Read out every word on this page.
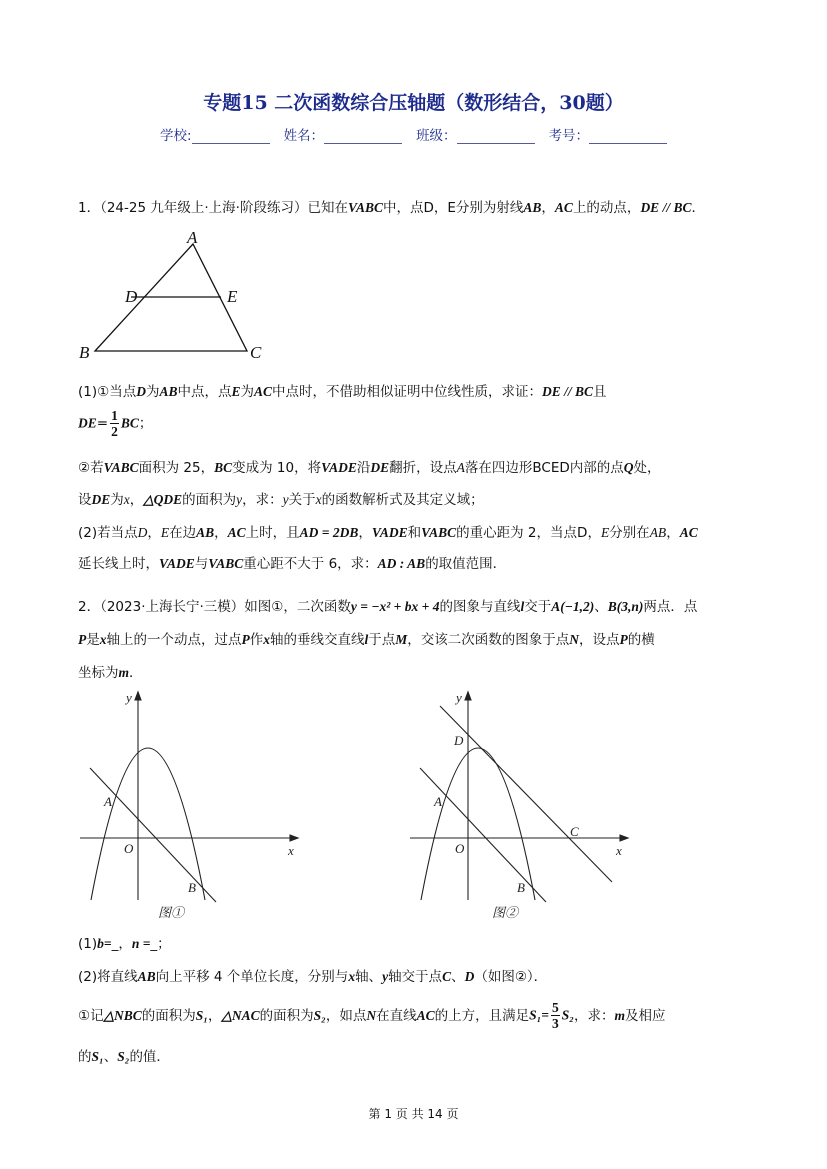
专题15 二次函数综合压轴题（数形结合，30题）
学校:	姓名：	班级：	考号：
1．（24-25 九年级上·上海·阶段练习）已知在VABC中，点D，E分别为射线AB，AC上的动点，DE // BC．
A
D	E
B	C
y
x
O
A
B
图①
y
x
O
A
B
C
D
图②
(1)①当点D为AB中点，点E为AC中点时，不借助相似证明中位线性质，求证：DE // BC且
$DE= \frac{1}{2}$ BC；
②若VABC面积为 25，BC变成为 10，将VADE沿DE翻折，设点A落在四边形BCED内部的点Q处，
设DE为x，△QDE的面积为y，求：y关于x的函数解析式及其定义域；
(2)若当点D，E在边AB，AC上时，且AD = 2DB，VADE和VABC的重心距为 2，当点D，E分别在AB，AC
延长线上时，VADE与VABC重心距不大于 6，求：AD : AB的取值范围．
2．（2023·上海长宁·三模）如图①，二次函数y = −x² + bx + 4的图象与直线l交于A(−1,2)、B(3,n)两点．点
P是x轴上的一个动点，过点P作x轴的垂线交直线l于点M，交该二次函数的图象于点N，设点P的横
坐标为m．
(1)b=_，n =_；
(2)将直线AB向上平移 4 个单位长度，分别与x轴、y轴交于点C、D（如图②）．
①记△NBC的面积为S₁，△NAC的面积为S₂，如点N在直线AC的上方，且满足$S_1= \frac{5}{3} S_2$，求：m及相应
的S₁、S₂的值．
第 1 页 共 14 页
